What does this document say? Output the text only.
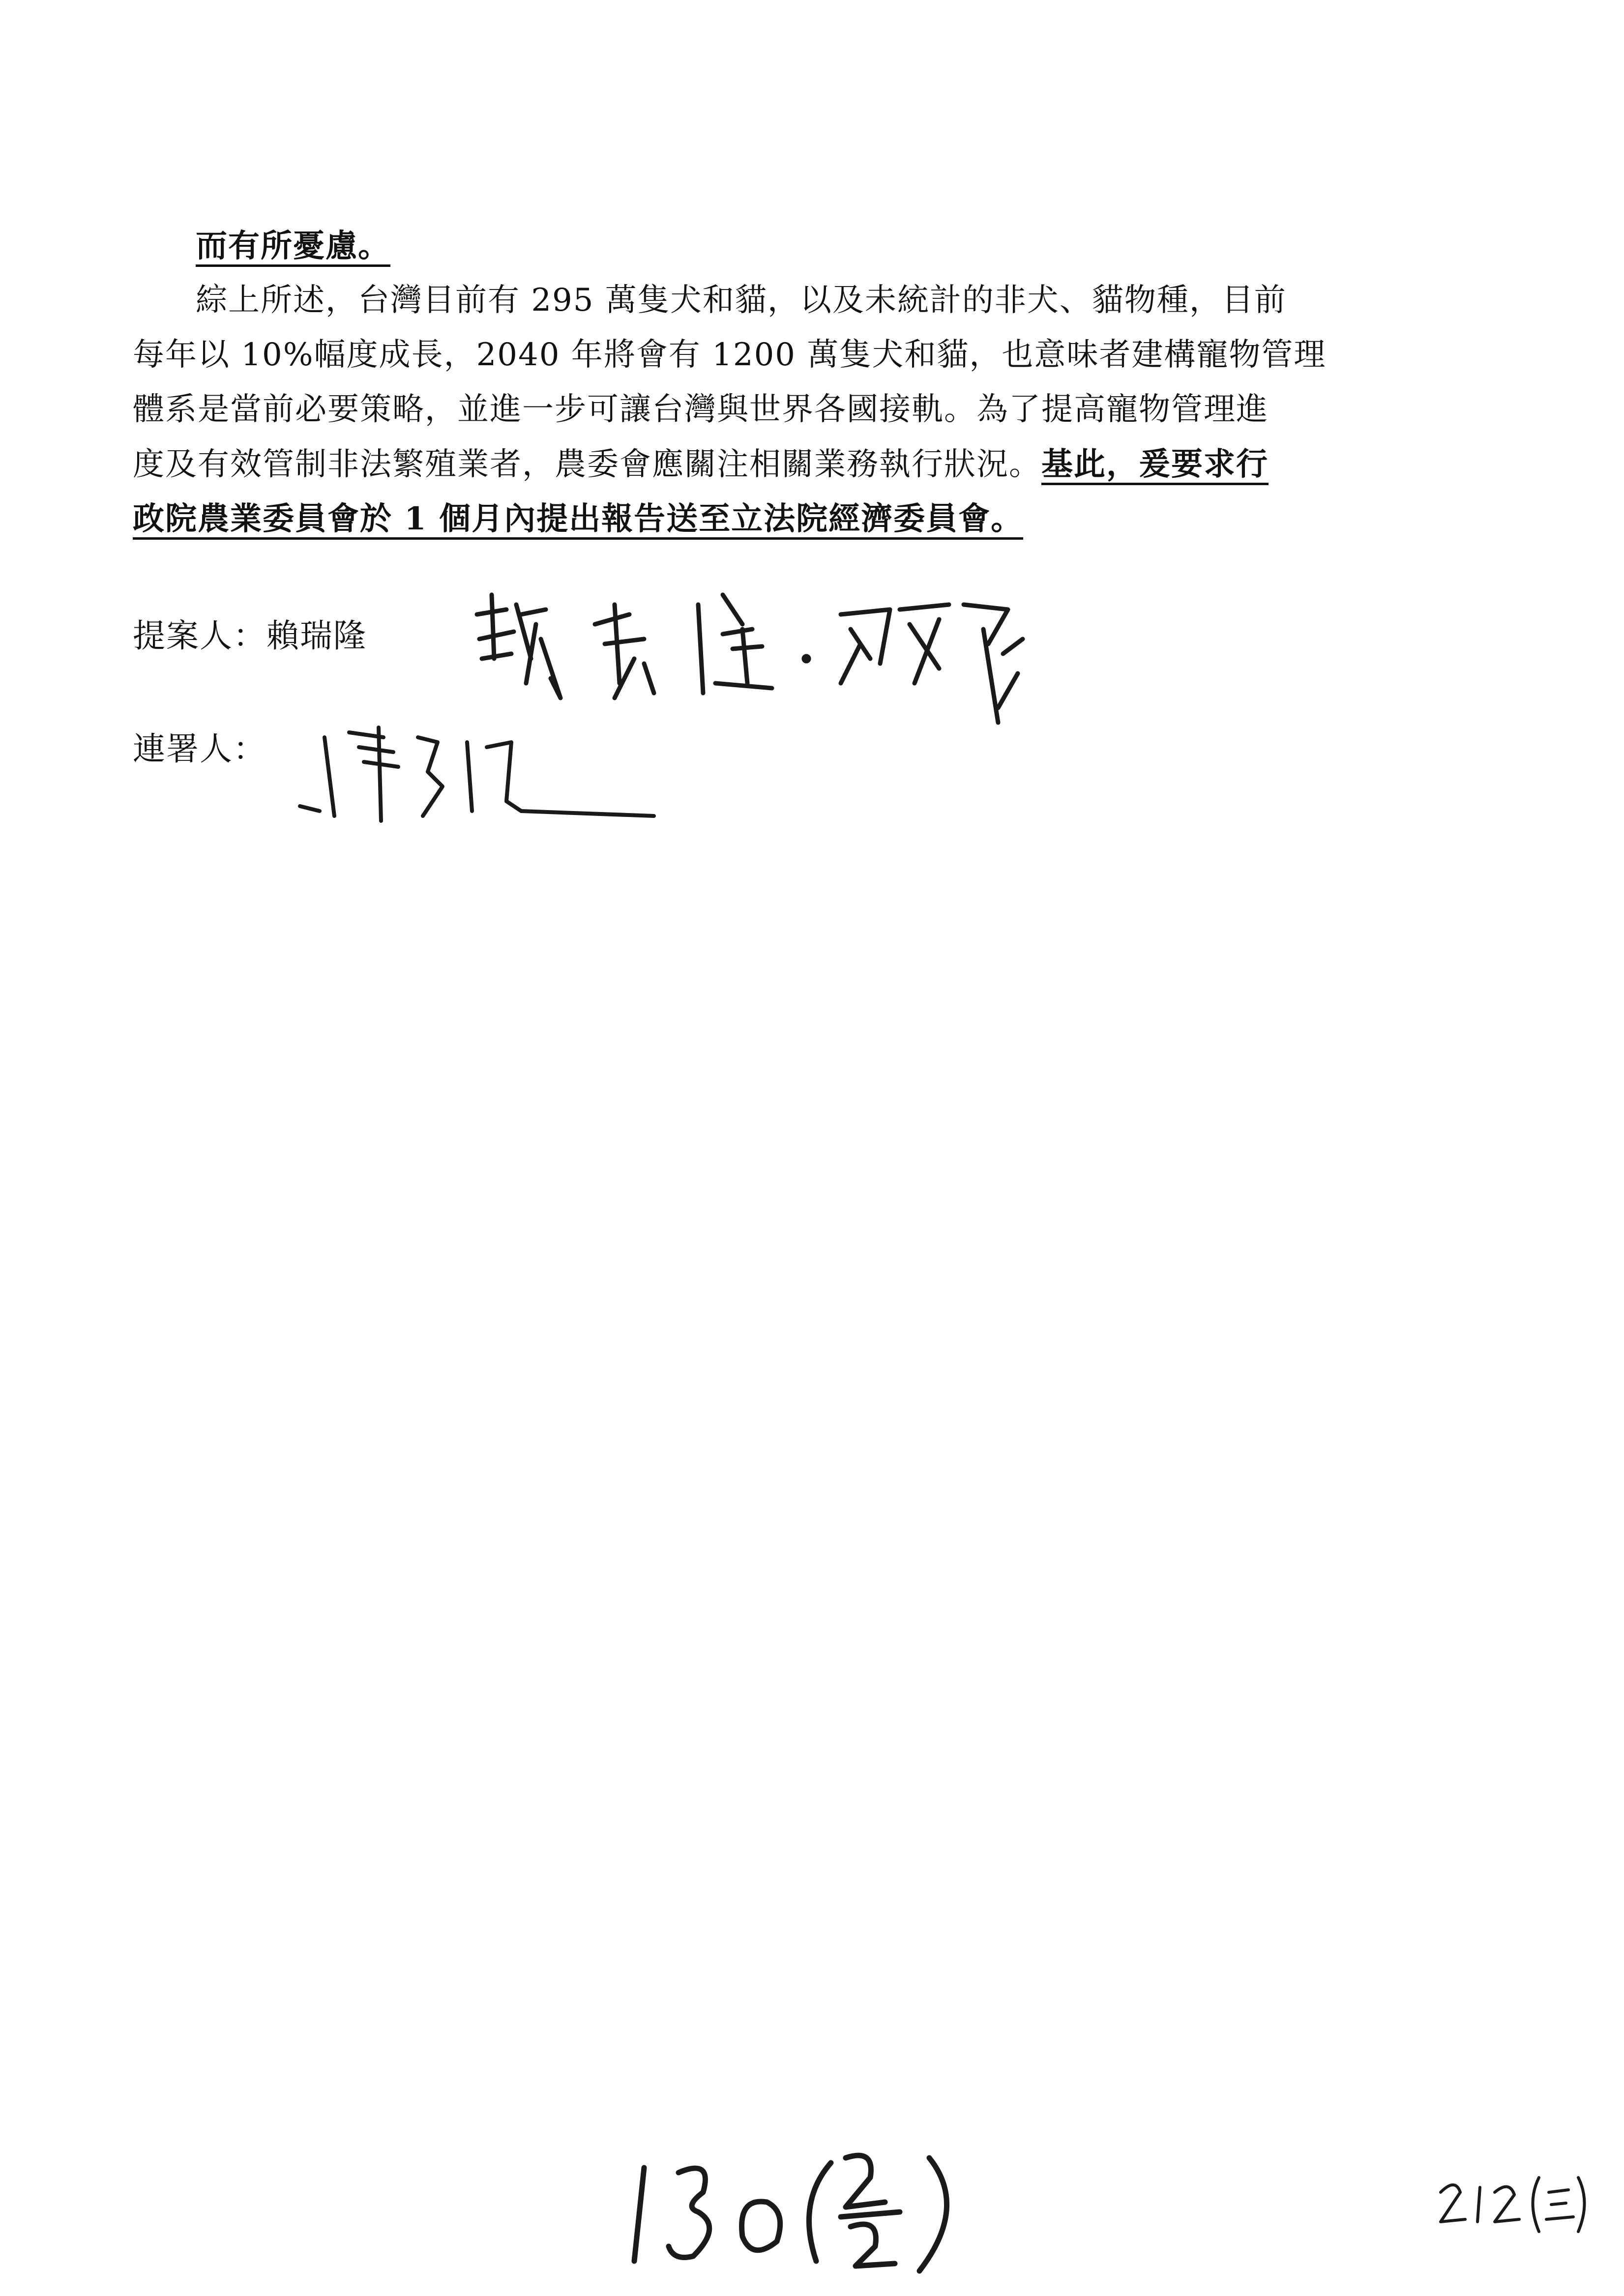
而有所憂慮。
綜上所述，台灣目前有 295 萬隻犬和貓，以及未統計的非犬、貓物種，目前
每年以 10%幅度成長，2040 年將會有 1200 萬隻犬和貓，也意味者建構寵物管理
體系是當前必要策略，並進一步可讓台灣與世界各國接軌。為了提高寵物管理進
度及有效管制非法繁殖業者，農委會應關注相關業務執行狀況。基此，爰要求行
政院農業委員會於 1 個月內提出報告送至立法院經濟委員會。
提案人：賴瑞隆
連署人：
